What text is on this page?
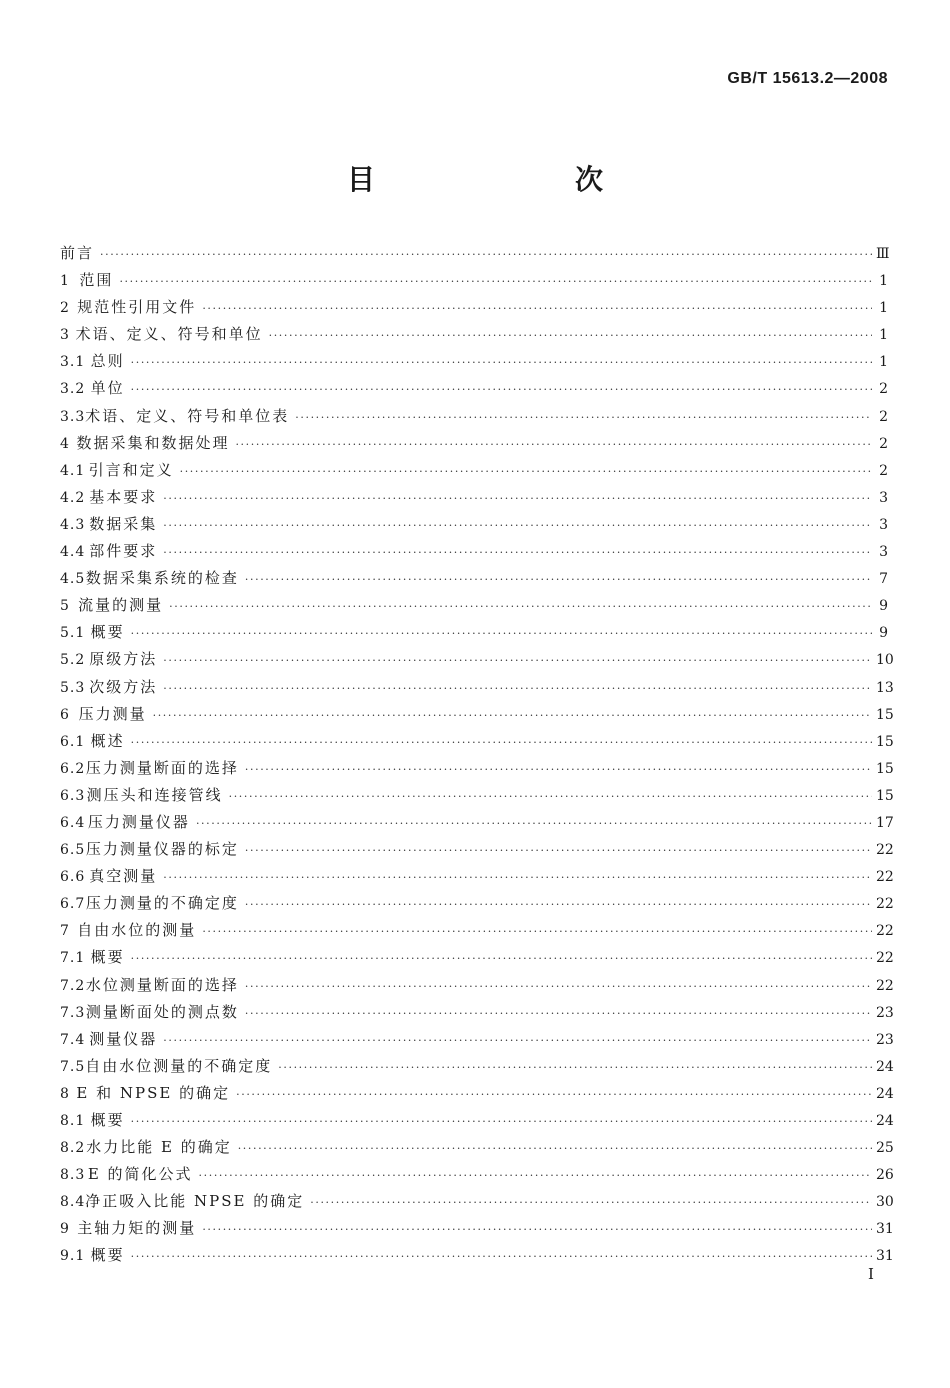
GB/T 15613.2—2008
目　　次
前言 ·····	Ⅲ
1 范围 ·····	1
2 规范性引用文件 ·····	1
3 术语、定义、符号和单位 ·····	1
3.1 总则 ·····	1
3.2 单位 ·····	2
3.3 术语、定义、符号和单位表 ·····	2
4 数据采集和数据处理 ·····	2
4.1 引言和定义 ·····	2
4.2 基本要求 ·····	3
4.3 数据采集 ·····	3
4.4 部件要求 ·····	3
4.5 数据采集系统的检查 ·····	7
5 流量的测量 ·····	9
5.1 概要 ·····	9
5.2 原级方法 ·····	10
5.3 次级方法 ·····	13
6 压力测量 ·····	15
6.1 概述 ·····	15
6.2 压力测量断面的选择 ·····	15
6.3 测压头和连接管线 ·····	15
6.4 压力测量仪器 ·····	17
6.5 压力测量仪器的标定 ·····	22
6.6 真空测量 ·····	22
6.7 压力测量的不确定度 ·····	22
7 自由水位的测量 ·····	22
7.1 概要 ·····	22
7.2 水位测量断面的选择 ·····	22
7.3 测量断面处的测点数 ·····	23
7.4 测量仪器 ·····	23
7.5 自由水位测量的不确定度 ·····	24
8 E 和 NPSE 的确定 ·····	24
8.1 概要 ·····	24
8.2 水力比能 E 的确定 ·····	25
8.3 E 的简化公式 ·····	26
8.4 净正吸入比能 NPSE 的确定 ·····	30
9 主轴力矩的测量 ·····	31
9.1 概要 ·····	31
I
